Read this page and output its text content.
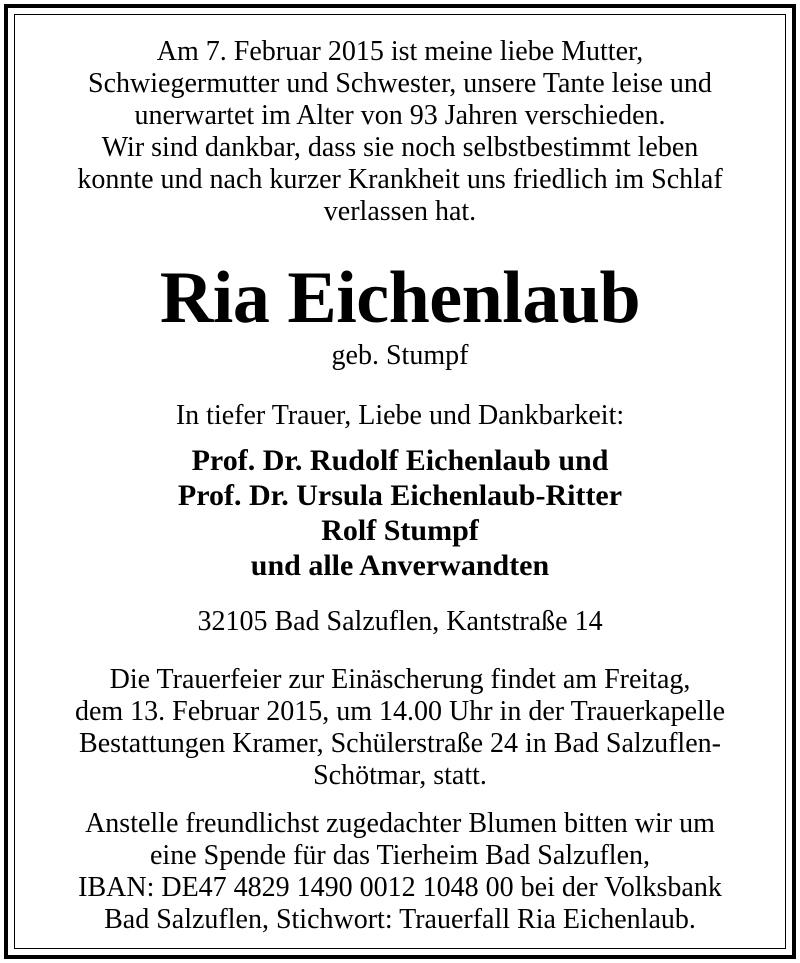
Am 7. Februar 2015 ist meine liebe Mutter,
Schwiegermutter und Schwester, unsere Tante leise und
unerwartet im Alter von 93 Jahren verschieden.
Wir sind dankbar, dass sie noch selbstbestimmt leben
konnte und nach kurzer Krankheit uns friedlich im Schlaf
verlassen hat.
Ria Eichenlaub
geb. Stumpf
In tiefer Trauer, Liebe und Dankbarkeit:
Prof. Dr. Rudolf Eichenlaub und
Prof. Dr. Ursula Eichenlaub-Ritter
Rolf Stumpf
und alle Anverwandten
32105 Bad Salzuflen, Kantstraße 14
Die Trauerfeier zur Einäscherung findet am Freitag,
dem 13. Februar 2015, um 14.00 Uhr in der Trauerkapelle
Bestattungen Kramer, Schülerstraße 24 in Bad Salzuflen-
Schötmar, statt.
Anstelle freundlichst zugedachter Blumen bitten wir um
eine Spende für das Tierheim Bad Salzuflen,
IBAN: DE47 4829 1490 0012 1048 00 bei der Volksbank
Bad Salzuflen, Stichwort: Trauerfall Ria Eichenlaub.
